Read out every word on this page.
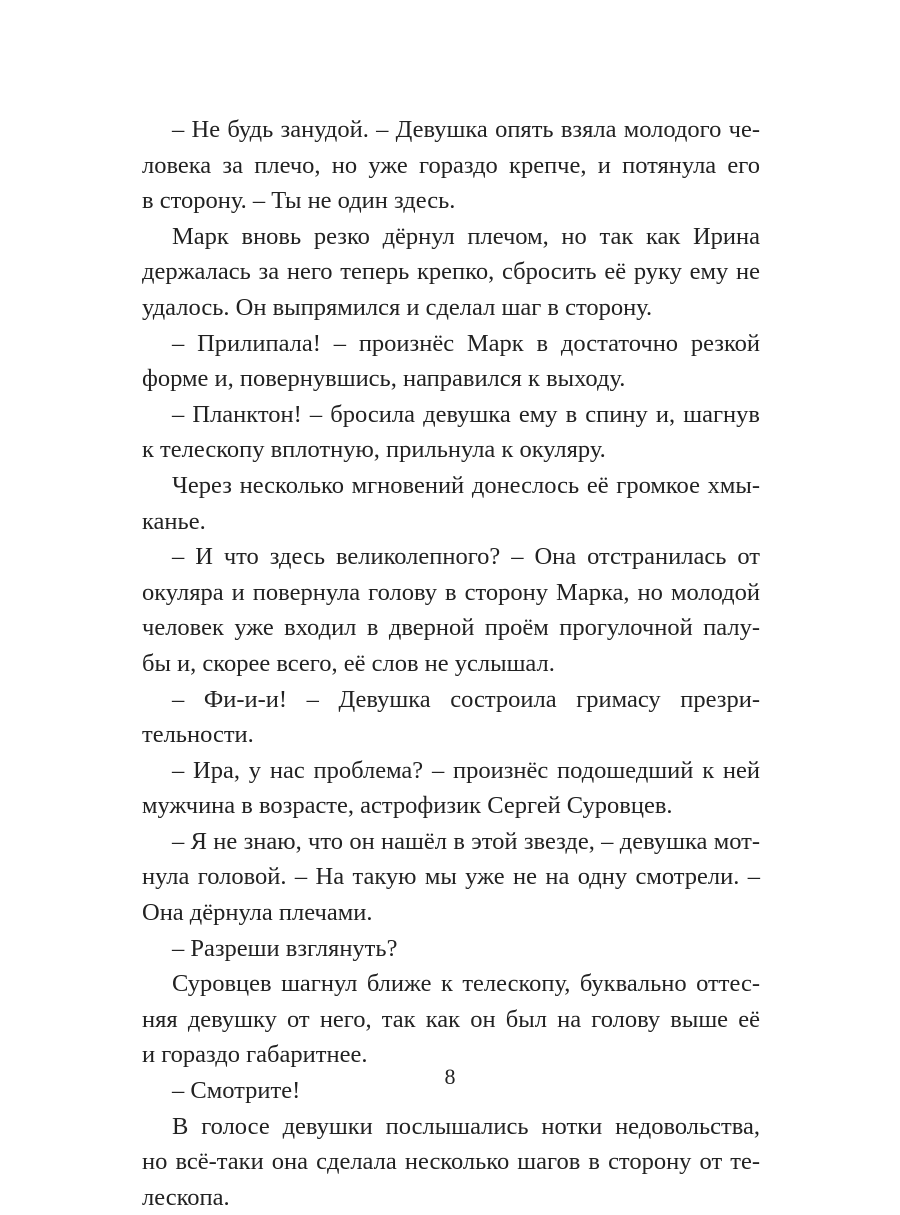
– Не будь занудой. – Девушка опять взяла молодого че-
ловека за плечо, но уже гораздо крепче, и потянула его
в сторону. – Ты не один здесь.
Марк вновь резко дёрнул плечом, но так как Ирина
держалась за него теперь крепко, сбросить её руку ему не
удалось. Он выпрямился и сделал шаг в сторону.
– Прилипала! – произнёс Марк в достаточно резкой
форме и, повернувшись, направился к выходу.
– Планктон! – бросила девушка ему в спину и, шагнув
к телескопу вплотную, прильнула к окуляру.
Через несколько мгновений донеслось её громкое хмы-
канье.
– И что здесь великолепного? – Она отстранилась от
окуляра и повернула голову в сторону Марка, но молодой
человек уже входил в дверной проём прогулочной палу-
бы и, скорее всего, её слов не услышал.
– Фи-и-и! – Девушка состроила гримасу презри-
тельности.
– Ира, у нас проблема? – произнёс подошедший к ней
мужчина в возрасте, астрофизик Сергей Суровцев.
– Я не знаю, что он нашёл в этой звезде, – девушка мот-
нула головой. – На такую мы уже не на одну смотрели. –
Она дёрнула плечами.
– Разреши взглянуть?
Суровцев шагнул ближе к телескопу, буквально оттес-
няя девушку от него, так как он был на голову выше её
и гораздо габаритнее.
– Смотрите!
В голосе девушки послышались нотки недовольства,
но всё-таки она сделала несколько шагов в сторону от те-
лескопа.
8
